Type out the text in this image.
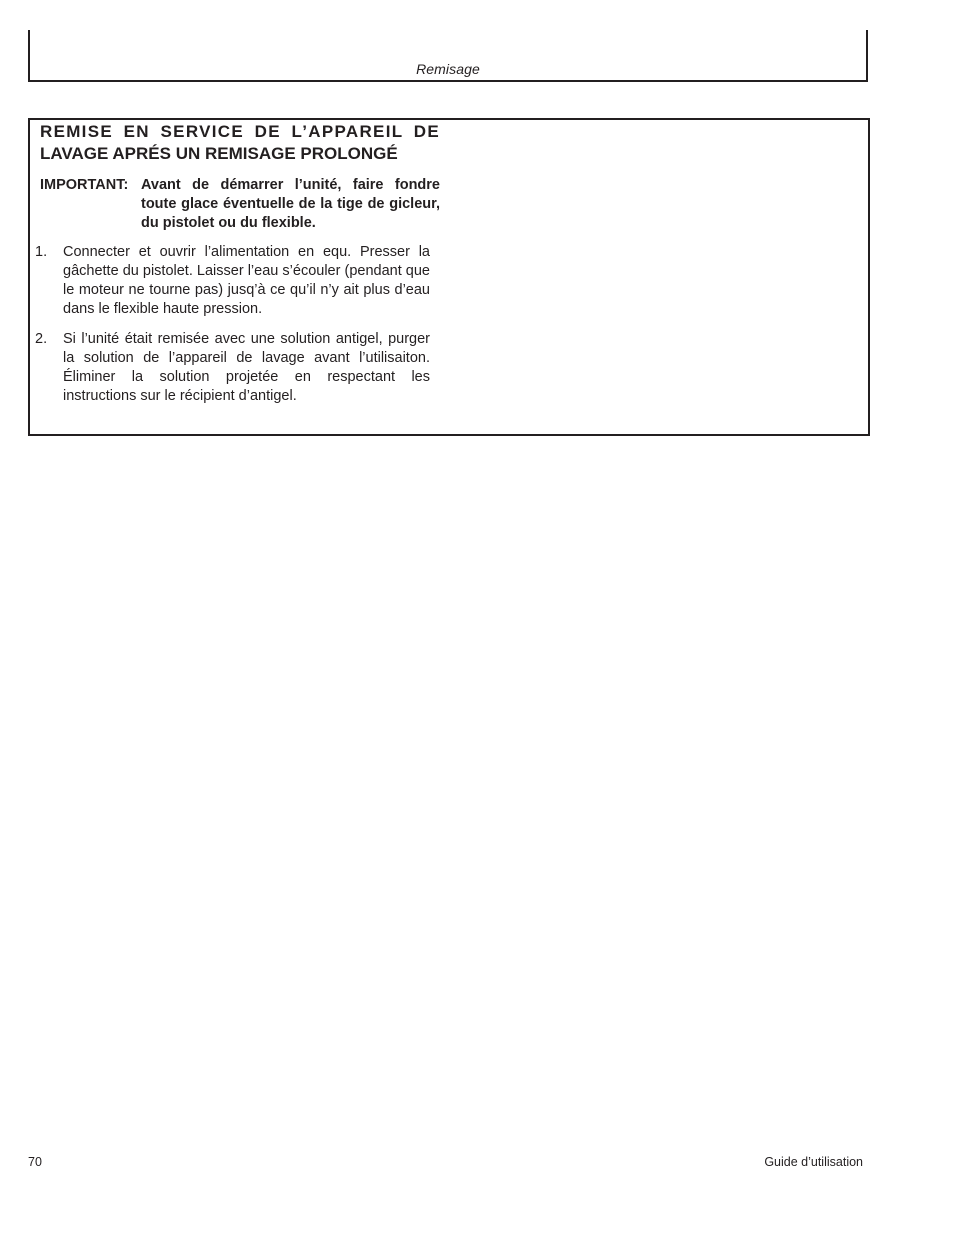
Remisage
REMISE EN SERVICE DE L’APPAREIL DE
LAVAGE APRÉS UN REMISAGE PROLONGÉ
IMPORTANT: Avant de démarrer l’unité, faire fondre toute glace éventuelle de la tige de gicleur, du pistolet ou du flexible.
1. Connecter et ouvrir l’alimentation en equ. Presser la gâchette du pistolet. Laisser l’eau s’écouler (pendant que le moteur ne tourne pas) jusq’à ce qu’il n’y ait plus d’eau dans le flexible haute pression.
2. Si l’unité était remisée avec une solution antigel, purger la solution de l’appareil de lavage avant l’utilisaiton. Éliminer la solution projetée en respectant les instructions sur le récipient d’antigel.
70	Guide d’utilisation
